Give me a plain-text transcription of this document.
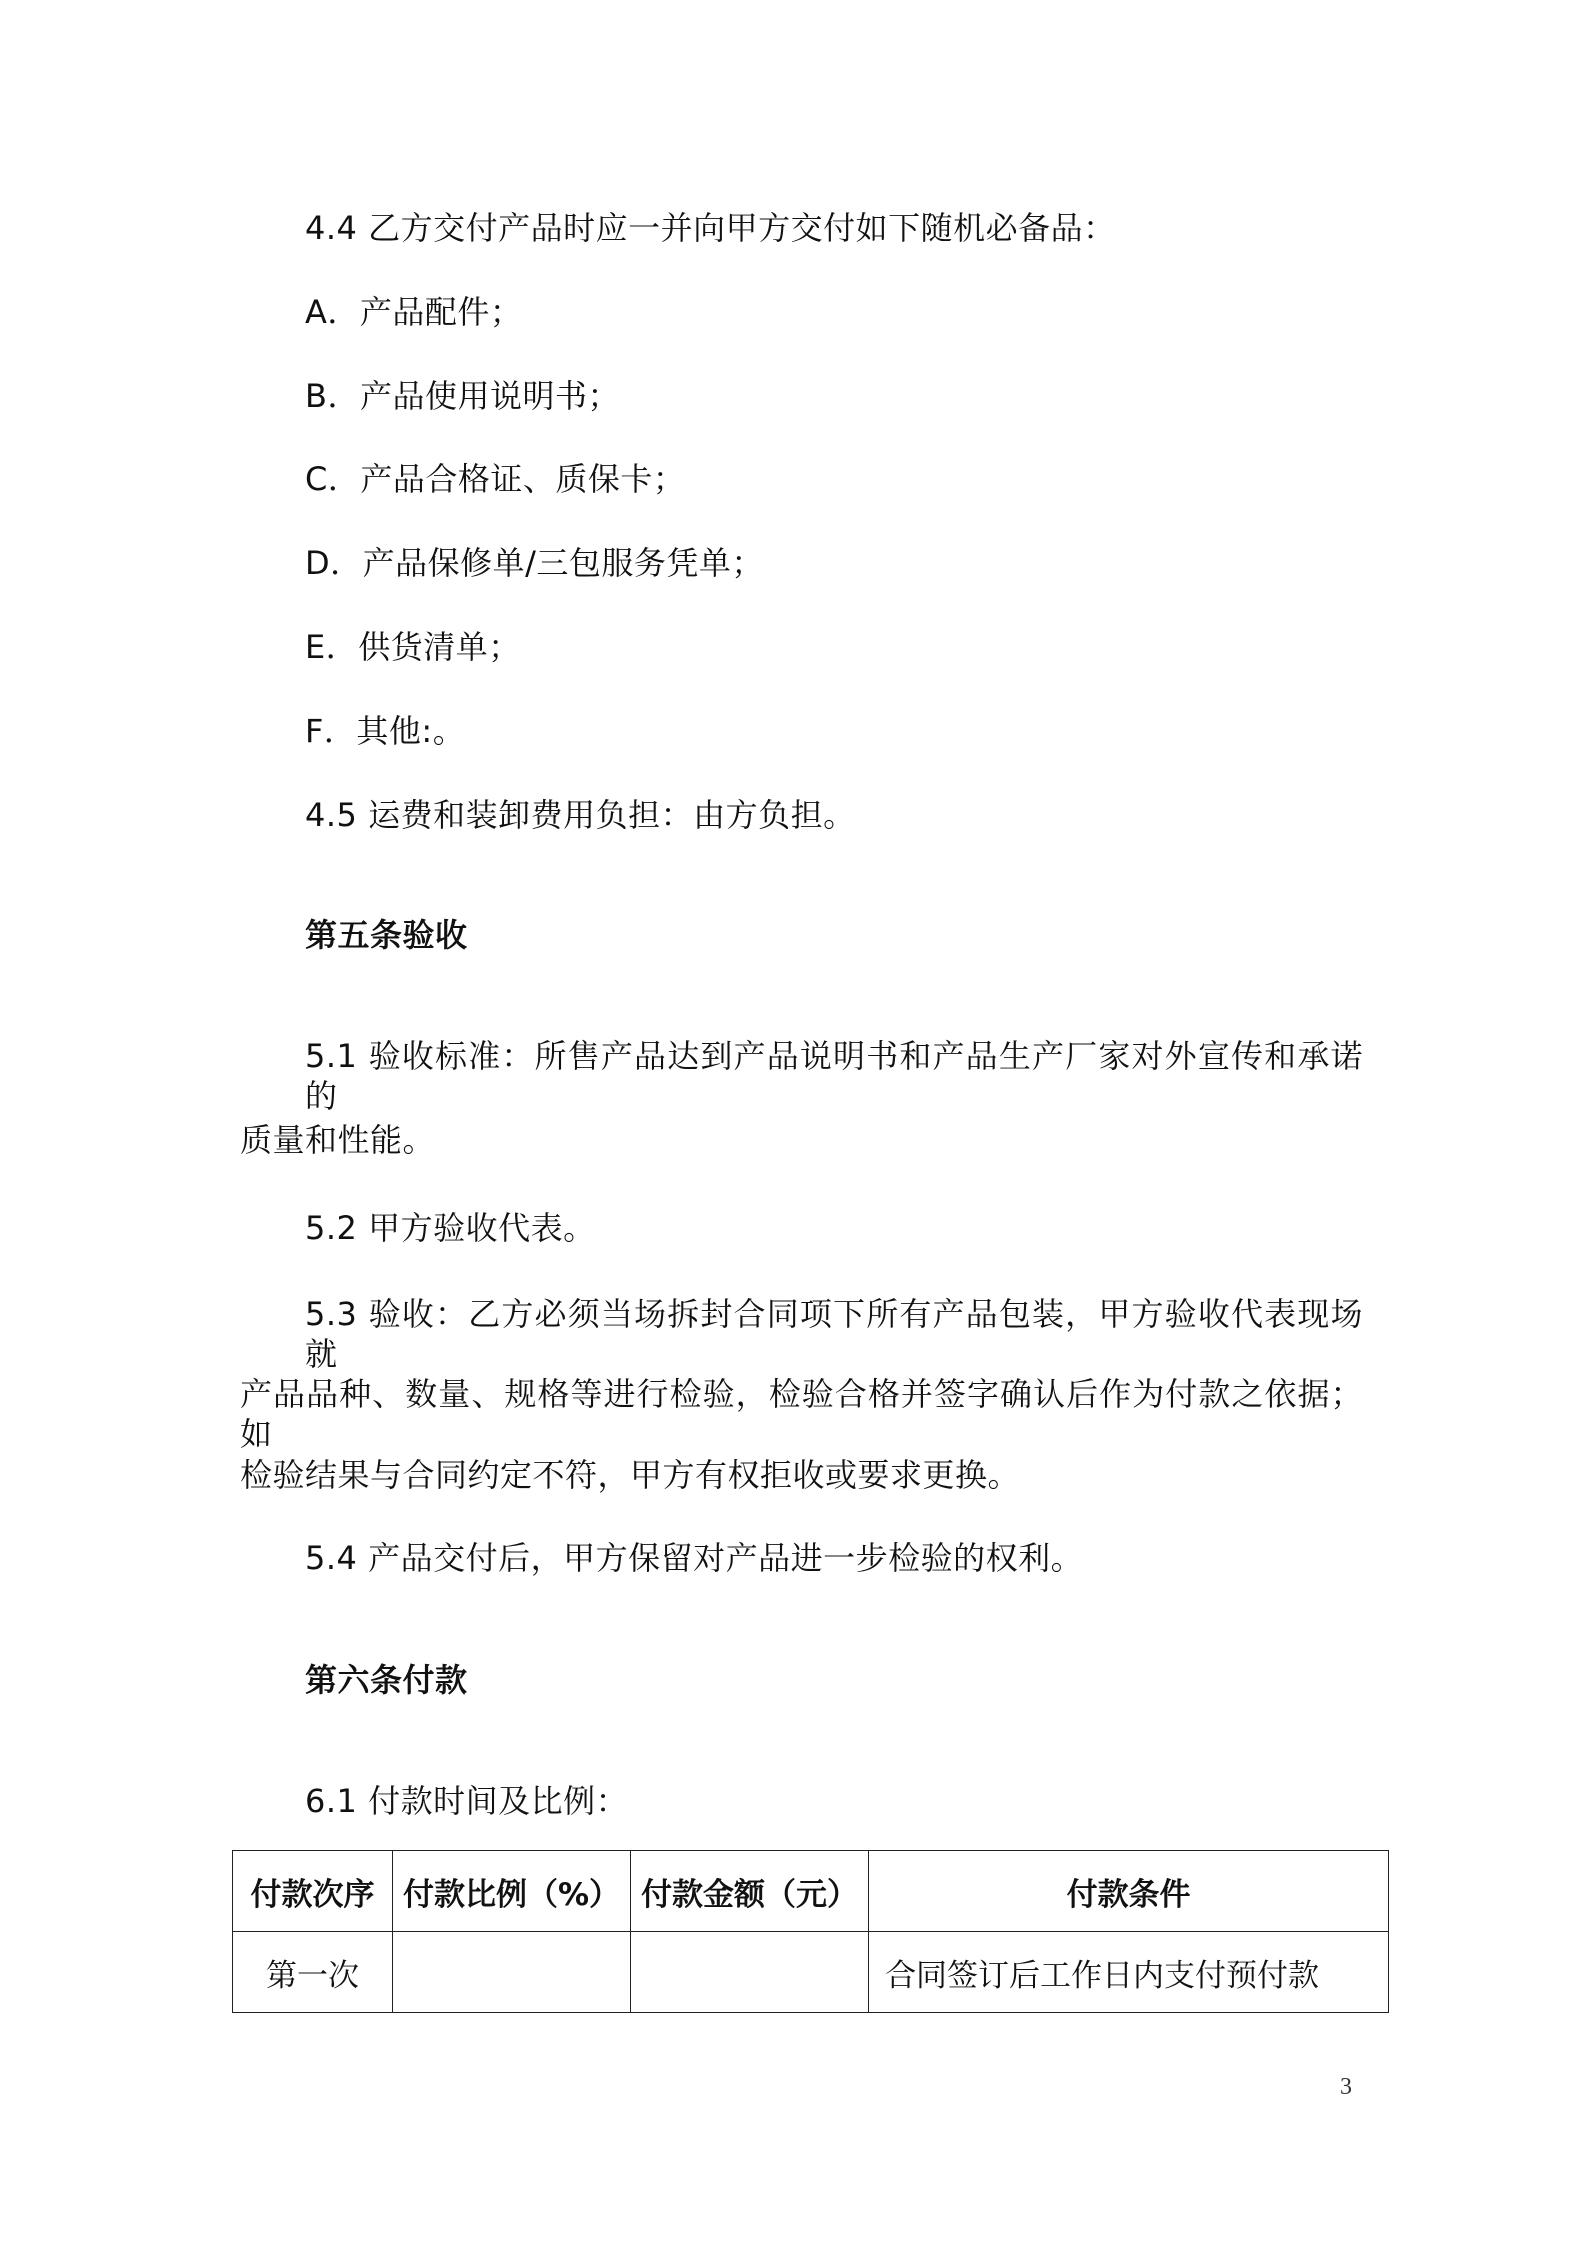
4.4 乙方交付产品时应一并向甲方交付如下随机必备品：
A．产品配件；
B．产品使用说明书；
C．产品合格证、质保卡；
D．产品保修单/三包服务凭单；
E．供货清单；
F．其他:。
4.5 运费和装卸费用负担：由方负担。
第五条验收
5.1 验收标准：所售产品达到产品说明书和产品生产厂家对外宣传和承诺的
质量和性能。
5.2 甲方验收代表。
5.3 验收：乙方必须当场拆封合同项下所有产品包装，甲方验收代表现场就
产品品种、数量、规格等进行检验，检验合格并签字确认后作为付款之依据；如
检验结果与合同约定不符，甲方有权拒收或要求更换。
5.4 产品交付后，甲方保留对产品进一步检验的权利。
第六条付款
6.1 付款时间及比例：
付款次序	付款比例（%）	付款金额（元）	付款条件
第一次			合同签订后工作日内支付预付款
3
